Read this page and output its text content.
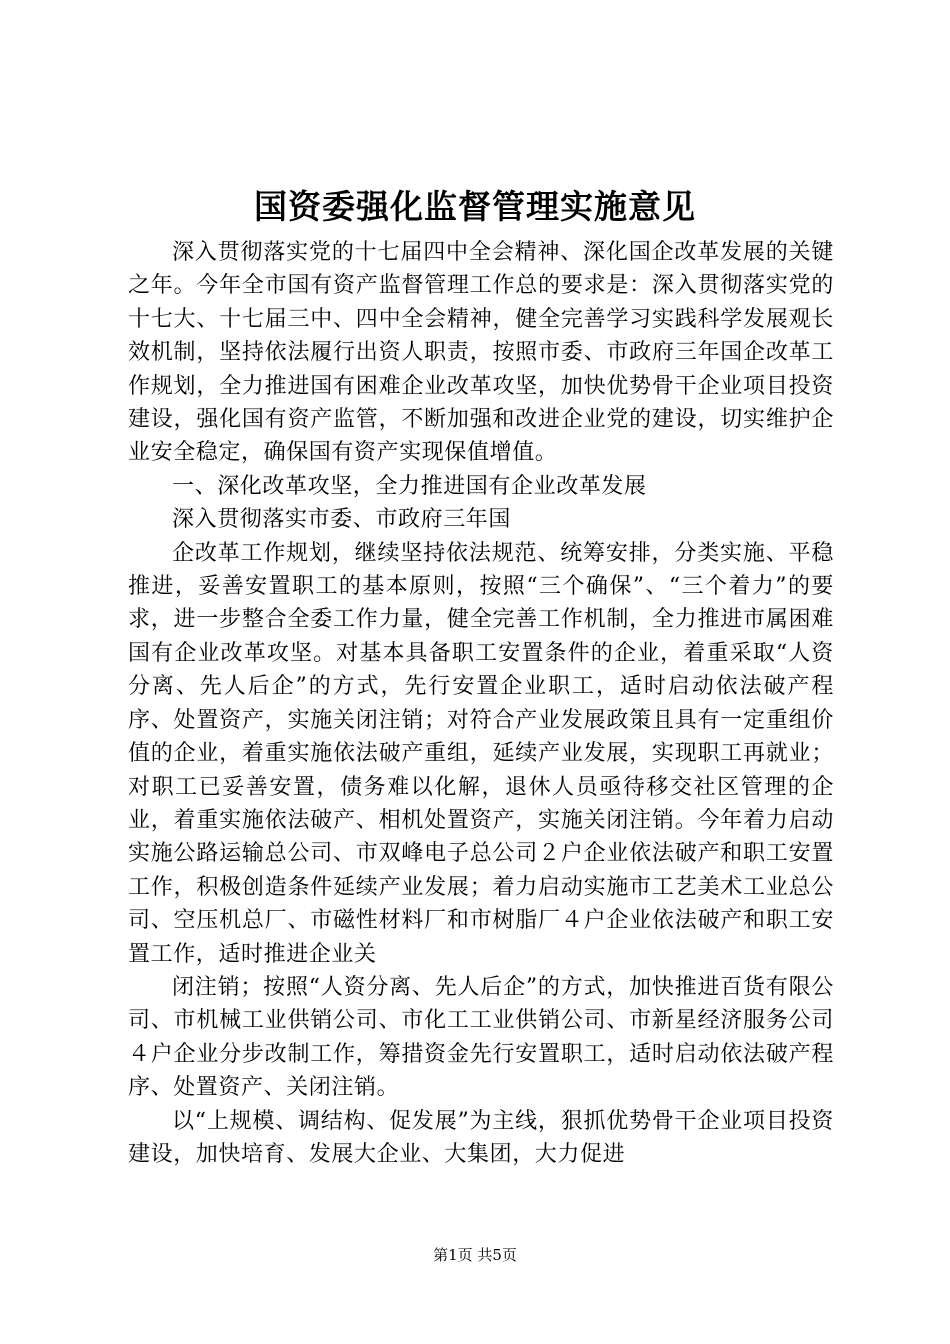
国资委强化监督管理实施意见

深入贯彻落实党的十七届四中全会精神、深化国企改革发展的关键之年。今年全市国有资产监督管理工作总的要求是：深入贯彻落实党的十七大、十七届三中、四中全会精神，健全完善学习实践科学发展观长效机制，坚持依法履行出资人职责，按照市委、市政府三年国企改革工作规划，全力推进国有困难企业改革攻坚，加快优势骨干企业项目投资建设，强化国有资产监管，不断加强和改进企业党的建设，切实维护企业安全稳定，确保国有资产实现保值增值。

一、深化改革攻坚，全力推进国有企业改革发展

深入贯彻落实市委、市政府三年国

企改革工作规划，继续坚持依法规范、统筹安排，分类实施、平稳推进，妥善安置职工的基本原则，按照“三个确保”、“三个着力”的要求，进一步整合全委工作力量，健全完善工作机制，全力推进市属困难国有企业改革攻坚。对基本具备职工安置条件的企业，着重采取“人资分离、先人后企”的方式，先行安置企业职工，适时启动依法破产程序、处置资产，实施关闭注销；对符合产业发展政策且具有一定重组价值的企业，着重实施依法破产重组，延续产业发展，实现职工再就业；对职工已妥善安置，债务难以化解，退休人员亟待移交社区管理的企业，着重实施依法破产、相机处置资产，实施关闭注销。今年着力启动实施公路运输总公司、市双峰电子总公司２户企业依法破产和职工安置工作，积极创造条件延续产业发展；着力启动实施市工艺美术工业总公司、空压机总厂、市磁性材料厂和市树脂厂４户企业依法破产和职工安置工作，适时推进企业关

闭注销；按照“人资分离、先人后企”的方式，加快推进百货有限公司、市机械工业供销公司、市化工工业供销公司、市新星经济服务公司４户企业分步改制工作，筹措资金先行安置职工，适时启动依法破产程序、处置资产、关闭注销。

以“上规模、调结构、促发展”为主线，狠抓优势骨干企业项目投资建设，加快培育、发展大企业、大集团，大力促进

第1页 共5页
